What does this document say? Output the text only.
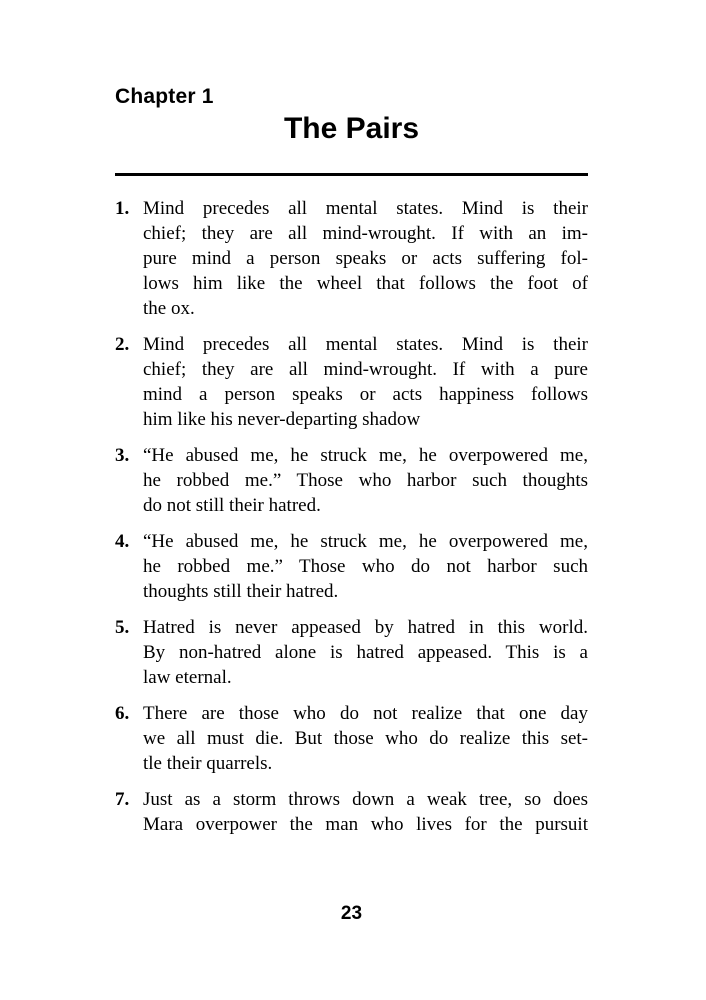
Chapter 1
The Pairs
1. Mind precedes all mental states. Mind is their
chief; they are all mind-wrought. If with an im-
pure mind a person speaks or acts suffering fol-
lows him like the wheel that follows the foot of
the ox.
2. Mind precedes all mental states. Mind is their
chief; they are all mind-wrought. If with a pure
mind a person speaks or acts happiness follows
him like his never-departing shadow
3. “He abused me, he struck me, he overpowered me,
he robbed me.” Those who harbor such thoughts
do not still their hatred.
4. “He abused me, he struck me, he overpowered me,
he robbed me.” Those who do not harbor such
thoughts still their hatred.
5. Hatred is never appeased by hatred in this world.
By non-hatred alone is hatred appeased. This is a
law eternal.
6. There are those who do not realize that one day
we all must die. But those who do realize this set-
tle their quarrels.
7. Just as a storm throws down a weak tree, so does
Mara overpower the man who lives for the pursuit
23
